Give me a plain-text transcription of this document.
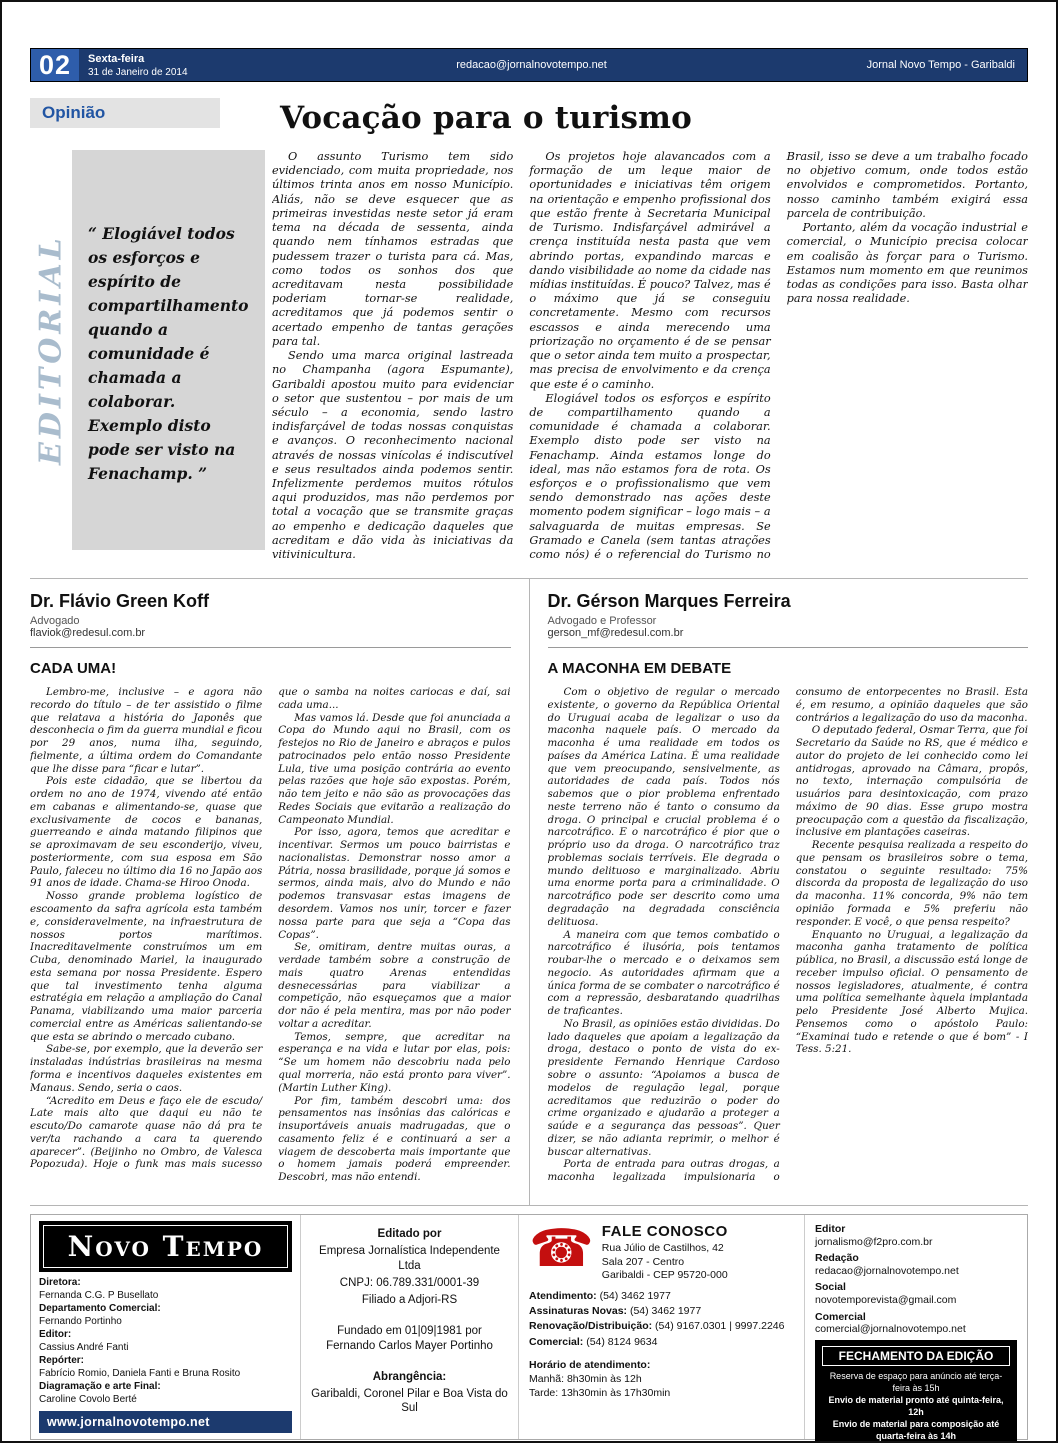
02	Sexta-feira
31 de Janeiro de 2014
redacao@jornalnovotempo.net	Jornal Novo Tempo - Garibaldi
Opinião	Vocação para o turismo
EDITORIAL
“ Elogiável todos os esforços e espírito de compartilhamento quando a comunidade é chamada a colaborar. Exemplo disto pode ser visto na Fenachamp. ”

O assunto Turismo tem sido evidenciado, com muita propriedade, nos últimos trinta anos em nosso Município. Aliás, não se deve esquecer que as primeiras investidas neste setor já eram tema na década de sessenta, ainda quando nem tínhamos estradas que pudessem trazer o turista para cá. Mas, como todos os sonhos dos que acreditavam nesta possibilidade poderiam tornar-se realidade, acreditamos que já podemos sentir o acertado empenho de tantas gerações para tal.

Sendo uma marca original lastreada no Champanha (agora Espumante), Garibaldi apostou muito para evidenciar o setor que sustentou – por mais de um século – a economia, sendo lastro indisfarçável de todas nossas conquistas e avanços. O reconhecimento nacional através de nossas vinícolas é indiscutível e seus resultados ainda podemos sentir. Infelizmente perdemos muitos rótulos aqui produzidos, mas não perdemos por total a vocação que se transmite graças ao empenho e dedicação daqueles que acreditam e dão vida às iniciativas da vitivinicultura.

Os projetos hoje alavancados com a formação de um leque maior de oportunidades e iniciativas têm origem na orientação e empenho profissional dos que estão frente à Secretaria Municipal de Turismo. Indisfarçável admirável a crença instituída nesta pasta que vem abrindo portas, expandindo marcas e dando visibilidade ao nome da cidade nas mídias instituídas. É pouco? Talvez, mas é o máximo que já se conseguiu concretamente. Mesmo com recursos escassos e ainda merecendo uma priorização no orçamento é de se pensar que o setor ainda tem muito a prospectar, mas precisa de envolvimento e da crença que este é o caminho.

Elogiável todos os esforços e espírito de compartilhamento quando a comunidade é chamada a colaborar. Exemplo disto pode ser visto na Fenachamp. Ainda estamos longe do ideal, mas não estamos fora de rota. Os esforços e o profissionalismo que vem sendo demonstrado nas ações deste momento podem significar – logo mais – a salvaguarda de muitas empresas. Se Gramado e Canela (sem tantas atrações como nós) é o referencial do Turismo no Brasil, isso se deve a um trabalho focado no objetivo comum, onde todos estão envolvidos e comprometidos. Portanto, nosso caminho também exigirá essa parcela de contribuição.

Portanto, além da vocação industrial e comercial, o Município precisa colocar em coalisão às forçar para o Turismo. Estamos num momento em que reunimos todas as condições para isso. Basta olhar para nossa realidade.

Dr. Flávio Green Koff
Advogado
flaviok@redesul.com.br
CADA UMA!

Lembro-me, inclusive – e agora não recordo do título – de ter assistido o filme que relatava a história do Japonês que desconhecia o fim da guerra mundial e ficou por 29 anos, numa ilha, seguindo, fielmente, a última ordem do Comandante que lhe disse para “ficar e lutar”.

Pois este cidadão, que se libertou da ordem no ano de 1974, vivendo até então em cabanas e alimentando-se, quase que exclusivamente de cocos e bananas, guerreando e ainda matando filipinos que se aproximavam de seu esconderijo, viveu, posteriormente, com sua esposa em São Paulo, faleceu no último dia 16 no Japão aos 91 anos de idade. Chama-se Hiroo Onoda.

Nosso grande problema logístico de escoamento da safra agrícola esta também e, consideravelmente, na infraestrutura de nossos portos marítimos. Inacreditavelmente construímos um em Cuba, denominado Mariel, la inaugurado esta semana por nossa Presidente. Espero que tal investimento tenha alguma estratégia em relação a ampliação do Canal Panama, viabilizando uma maior parceria comercial entre as Américas salientando-se que esta se abrindo o mercado cubano.

Sabe-se, por exemplo, que la deverão ser instaladas indústrias brasileiras na mesma forma e incentivos daqueles existentes em Manaus. Sendo, seria o caos.

“Acredito em Deus e faço ele de escudo/ Late mais alto que daqui eu não te escuto/Do camarote quase não dá pra te ver/ta rachando a cara ta querendo aparecer”. (Beijinho no Ombro, de Valesca Popozuda). Hoje o funk mas mais sucesso que o samba na noites cariocas e daí, sai cada uma...

Mas vamos lá. Desde que foi anunciada a Copa do Mundo aqui no Brasil, com os festejos no Rio de Janeiro e abraços e pulos patrocinados pelo então nosso Presidente Lula, tive uma posição contrária ao evento pelas razões que hoje são expostas. Porém, não tem jeito e não são as provocações das Redes Sociais que evitarão a realização do Campeonato Mundial.

Por isso, agora, temos que acreditar e incentivar. Sermos um pouco bairristas e nacionalistas. Demonstrar nosso amor a Pátria, nossa brasilidade, porque já somos e sermos, ainda mais, alvo do Mundo e não podemos transvasar estas imagens de desordem. Vamos nos unir, torcer e fazer nossa parte para que seja a “Copa das Copas”.

Se, omitiram, dentre muitas ouras, a verdade também sobre a construção de mais quatro Arenas entendidas desnecessárias para viabilizar a competição, não esqueçamos que a maior dor não é pela mentira, mas por não poder voltar a acreditar.

Temos, sempre, que acreditar na esperança e na vida e lutar por elas, pois: “Se um homem não descobriu nada pelo qual morreria, não está pronto para viver”. (Martin Luther King).

Por fim, também descobri uma: dos pensamentos nas insônias das calóricas e insuportáveis anuais madrugadas, que o casamento feliz é e continuará a ser a viagem de descoberta mais importante que o homem jamais poderá empreender. Descobri, mas não entendi.

Dr. Gérson Marques Ferreira
Advogado e Professor
gerson_mf@redesul.com.br
A MACONHA EM DEBATE

Com o objetivo de regular o mercado existente, o governo da República Oriental do Uruguai acaba de legalizar o uso da maconha naquele país. O mercado da maconha é uma realidade em todos os países da América Latina. É uma realidade que vem preocupando, sensivelmente, as autoridades de cada país. Todos nós sabemos que o pior problema enfrentado neste terreno não é tanto o consumo da droga. O principal e crucial problema é o narcotráfico. E o narcotráfico é pior que o próprio uso da droga. O narcotráfico traz problemas sociais terríveis. Ele degrada o mundo delituoso e marginalizado. Abriu uma enorme porta para a criminalidade. O narcotráfico pode ser descrito como uma degradação na degradada consciência delituosa.

A maneira com que temos combatido o narcotráfico é ilusória, pois tentamos roubar-lhe o mercado e o deixamos sem negocio. As autoridades afirmam que a única forma de se combater o narcotráfico é com a repressão, desbaratando quadrilhas de traficantes.

No Brasil, as opiniões estão divididas. Do lado daqueles que apoiam a legalização da droga, destaco o ponto de vista do ex-presidente Fernando Henrique Cardoso sobre o assunto: “Apoiamos a busca de modelos de regulação legal, porque acreditamos que reduzirão o poder do crime organizado e ajudarão a proteger a saúde e a segurança das pessoas”. Quer dizer, se não adianta reprimir, o melhor é buscar alternativas.

Porta de entrada para outras drogas, a maconha legalizada impulsionaria o consumo de entorpecentes no Brasil. Esta é, em resumo, a opinião daqueles que são contrários a legalização do uso da maconha.

O deputado federal, Osmar Terra, que foi Secretario da Saúde no RS, que é médico e autor do projeto de lei conhecido como lei antidrogas, aprovado na Câmara, propôs, no texto, internação compulsória de usuários para desintoxicação, com prazo máximo de 90 dias. Esse grupo mostra preocupação com a questão da fiscalização, inclusive em plantações caseiras.

Recente pesquisa realizada a respeito do que pensam os brasileiros sobre o tema, constatou o seguinte resultado: 75% discorda da proposta de legalização do uso da maconha. 11% concorda, 9% não tem opinião formada e 5% preferiu não responder. E você, o que pensa respeito?

Enquanto no Uruguai, a legalização da maconha ganha tratamento de política pública, no Brasil, a discussão está longe de receber impulso oficial. O pensamento de nossos legisladores, atualmente, é contra uma política semelhante àquela implantada pelo Presidente José Alberto Mujica. Pensemos como o apóstolo Paulo: “Examinai tudo e retende o que é bom” - I Tess. 5:21.

Novo Tempo
Diretora:
Fernanda C.G. P Busellato
Departamento Comercial:
Fernando Portinho
Editor:
Cassius André Fanti
Repórter:
Fabrício Romio, Daniela Fanti e Bruna Rosito
Diagramação e arte Final:
Caroline Covolo Berté
www.jornalnovotempo.net
Editado por
Empresa Jornalística Independente Ltda
CNPJ: 06.789.331/0001-39
Filiado a Adjori-RS
Fundado em 01|09|1981 por Fernando Carlos Mayer Portinho
Abrangência:
Garibaldi, Coronel Pilar e Boa Vista do Sul
☎ FALE CONOSCO
Rua Júlio de Castilhos, 42
Sala 207 - Centro
Garibaldi - CEP 95720-000
Atendimento: (54) 3462 1977
Assinaturas Novas: (54) 3462 1977
Renovação/Distribuição: (54) 9167.0301 | 9997.2246
Comercial: (54) 8124 9634
Horário de atendimento:
Manhã: 8h30min às 12h
Tarde: 13h30min às 17h30min
Editor
jornalismo@f2pro.com.br
Redação
redacao@jornalnovotempo.net
Social
novotemporevista@gmail.com
Comercial
comercial@jornalnovotempo.net
FECHAMENTO DA EDIÇÃO
Reserva de espaço para anúncio até terça-feira às 15h
Envio de material pronto até quinta-feira, 12h
Envio de material para composição até quarta-feira às 14h
